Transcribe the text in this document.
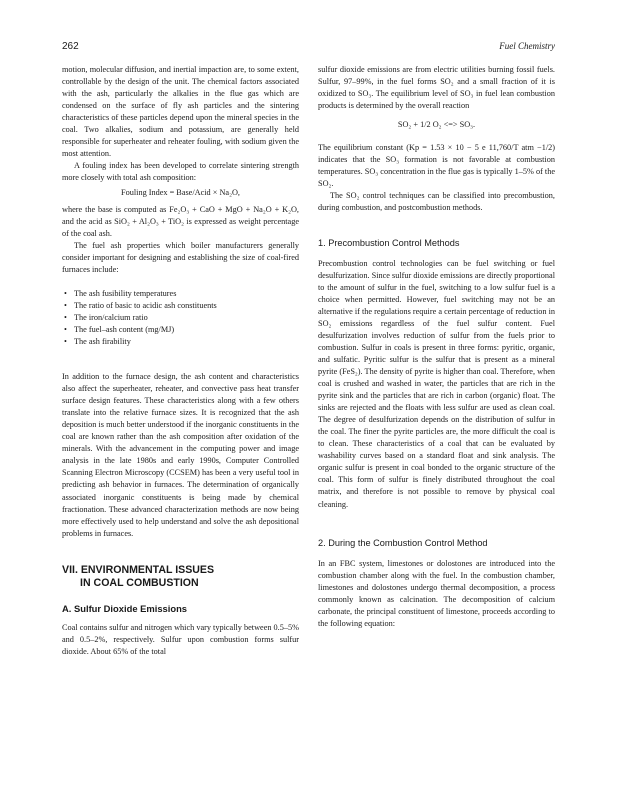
262	Fuel Chemistry

motion, molecular diffusion, and inertial impaction are, to some extent, controllable by the design of the unit. The chemical factors associated with the ash, particularly the alkalies in the flue gas which are condensed on the surface of fly ash particles and the sintering characteristics of these particles depend upon the mineral species in the coal. Two alkalies, sodium and potassium, are generally held responsible for superheater and reheater fouling, with sodium given the most attention.

A fouling index has been developed to correlate sintering strength more closely with total ash composition:

Fouling Index = Base/Acid × Na₂O,

where the base is computed as Fe₂O₃ + CaO + MgO + Na₂O + K₂O, and the acid as SiO₂ + Al₂O₃ + TiO₂ is expressed as weight percentage of the coal ash.

The fuel ash properties which boiler manufacturers generally consider important for designing and establishing the size of coal-fired furnaces include:

• The ash fusibility temperatures
• The ratio of basic to acidic ash constituents
• The iron/calcium ratio
• The fuel–ash content (mg/MJ)
• The ash firability

In addition to the furnace design, the ash content and characteristics also affect the superheater, reheater, and convective pass heat transfer surface design features. These characteristics along with a few others translate into the relative furnace sizes. It is recognized that the ash deposition is much better understood if the inorganic constituents in the coal are known rather than the ash composition after oxidation of the minerals. With the advancement in the computing power and image analysis in the late 1980s and early 1990s, Computer Controlled Scanning Electron Microscopy (CCSEM) has been a very useful tool in predicting ash behavior in furnaces. The determination of organically associated inorganic constituents is being made by chemical fractionation. These advanced characterization methods are now being more effectively used to help understand and solve the ash depositional problems in furnaces.

VII. ENVIRONMENTAL ISSUES
IN COAL COMBUSTION
A. Sulfur Dioxide Emissions

Coal contains sulfur and nitrogen which vary typically between 0.5–5% and 0.5–2%, respectively. Sulfur upon combustion forms sulfur dioxide. About 65% of the total

sulfur dioxide emissions are from electric utilities burning fossil fuels. Sulfur, 97–99%, in the fuel forms SO₂ and a small fraction of it is oxidized to SO₃. The equilibrium level of SO₃ in fuel lean combustion products is determined by the overall reaction

SO₂ + 1/2 O₂ <=> SO₃.

The equilibrium constant (Kp = 1.53 × 10 − 5 e 11,760/T atm −1/2) indicates that the SO₃ formation is not favorable at combustion temperatures. SO₃ concentration in the flue gas is typically 1–5% of the SO₂.

The SO₂ control techniques can be classified into precombustion, during combustion, and postcombustion methods.

1. Precombustion Control Methods

Precombustion control technologies can be fuel switching or fuel desulfurization. Since sulfur dioxide emissions are directly proportional to the amount of sulfur in the fuel, switching to a low sulfur fuel is a choice when permitted. However, fuel switching may not be an alternative if the regulations require a certain percentage of reduction in SO₂ emissions regardless of the fuel sulfur content. Fuel desulfurization involves reduction of sulfur from the fuels prior to combustion. Sulfur in coals is present in three forms: pyritic, organic, and sulfatic. Pyritic sulfur is the sulfur that is present as a mineral pyrite (FeS₂). The density of pyrite is higher than coal. Therefore, when coal is crushed and washed in water, the particles that are rich in the pyrite sink and the particles that are rich in carbon (organic) float. The sinks are rejected and the floats with less sulfur are used as clean coal. The degree of desulfurization depends on the distribution of sulfur in the coal. The finer the pyrite particles are, the more difficult the coal is to clean. These characteristics of a coal that can be evaluated by washability curves based on a standard float and sink analysis. The organic sulfur is present in coal bonded to the organic structure of the coal. This form of sulfur is finely distributed throughout the coal matrix, and therefore is not possible to remove by physical coal cleaning.

2. During the Combustion Control Method

In an FBC system, limestones or dolostones are introduced into the combustion chamber along with the fuel. In the combustion chamber, limestones and dolostones undergo thermal decomposition, a process commonly known as calcination. The decomposition of calcium carbonate, the principal constituent of limestone, proceeds according to the following equation:
